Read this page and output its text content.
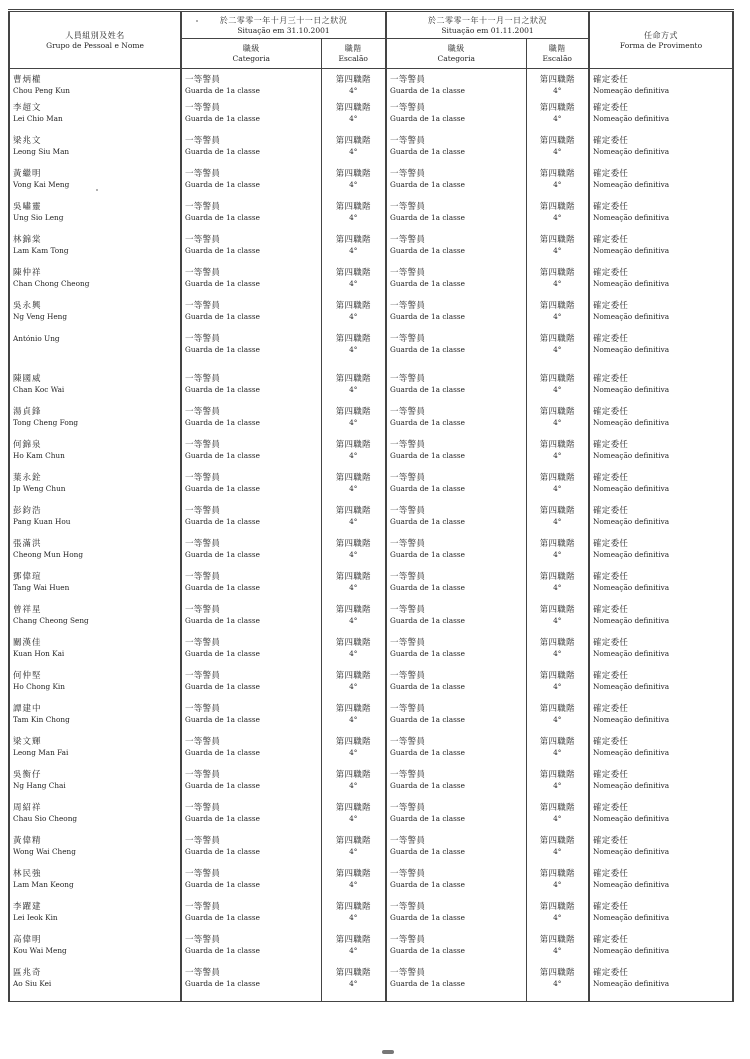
人員組別及姓名
Grupo de Pessoal e Nome	於二零零一年十月三十一日之狀況
Situação em 31.10.2001		於二零零一年十一月一日之狀況
Situação em 01.11.2001		任命方式
Forma de Provimento

	職級
Categoria	職階
Escalão	職級
Categoria	職階
Escalão	

曹炳權
Chou Peng Kun	一等警員
Guarda de 1a classe	第四職階
4°	一等警員
Guarda de 1a classe	第四職階
4°	確定委任
Nomeação definitiva

李超文
Lei Chio Man	一等警員
Guarda de 1a classe	第四職階
4°	一等警員
Guarda de 1a classe	第四職階
4°	確定委任
Nomeação definitiva

梁兆文
Leong Siu Man	一等警員
Guarda de 1a classe	第四職階
4°	一等警員
Guarda de 1a classe	第四職階
4°	確定委任
Nomeação definitiva

黃繼明
Vong Kai Meng	一等警員
Guarda de 1a classe	第四職階
4°	一等警員
Guarda de 1a classe	第四職階
4°	確定委任
Nomeação definitiva

吳嘯靈
Ung Sio Leng	一等警員
Guarda de 1a classe	第四職階
4°	一等警員
Guarda de 1a classe	第四職階
4°	確定委任
Nomeação definitiva

林錦棠
Lam Kam Tong	一等警員
Guarda de 1a classe	第四職階
4°	一等警員
Guarda de 1a classe	第四職階
4°	確定委任
Nomeação definitiva

陳仲祥
Chan Chong Cheong	一等警員
Guarda de 1a classe	第四職階
4°	一等警員
Guarda de 1a classe	第四職階
4°	確定委任
Nomeação definitiva

吳永興
Ng Veng Heng	一等警員
Guarda de 1a classe	第四職階
4°	一等警員
Guarda de 1a classe	第四職階
4°	確定委任
Nomeação definitiva

António Ung	一等警員
Guarda de 1a classe	第四職階
4°	一等警員
Guarda de 1a classe	第四職階
4°	確定委任
Nomeação definitiva

陳國威
Chan Koc Wai	一等警員
Guarda de 1a classe	第四職階
4°	一等警員
Guarda de 1a classe	第四職階
4°	確定委任
Nomeação definitiva

湯貞鋒
Tong Cheng Fong	一等警員
Guarda de 1a classe	第四職階
4°	一等警員
Guarda de 1a classe	第四職階
4°	確定委任
Nomeação definitiva

何錦泉
Ho Kam Chun	一等警員
Guarda de 1a classe	第四職階
4°	一等警員
Guarda de 1a classe	第四職階
4°	確定委任
Nomeação definitiva

葉永銓
Ip Weng Chun	一等警員
Guarda de 1a classe	第四職階
4°	一等警員
Guarda de 1a classe	第四職階
4°	確定委任
Nomeação definitiva

彭鈞浩
Pang Kuan Hou	一等警員
Guarda de 1a classe	第四職階
4°	一等警員
Guarda de 1a classe	第四職階
4°	確定委任
Nomeação definitiva

張滿洪
Cheong Mun Hong	一等警員
Guarda de 1a classe	第四職階
4°	一等警員
Guarda de 1a classe	第四職階
4°	確定委任
Nomeação definitiva

鄧偉瑄
Tang Wai Huen	一等警員
Guarda de 1a classe	第四職階
4°	一等警員
Guarda de 1a classe	第四職階
4°	確定委任
Nomeação definitiva

曾祥星
Chang Cheong Seng	一等警員
Guarda de 1a classe	第四職階
4°	一等警員
Guarda de 1a classe	第四職階
4°	確定委任
Nomeação definitiva

關漢佳
Kuan Hon Kai	一等警員
Guarda de 1a classe	第四職階
4°	一等警員
Guarda de 1a classe	第四職階
4°	確定委任
Nomeação definitiva

何仲堅
Ho Chong Kin	一等警員
Guarda de 1a classe	第四職階
4°	一等警員
Guarda de 1a classe	第四職階
4°	確定委任
Nomeação definitiva

譚建中
Tam Kin Chong	一等警員
Guarda de 1a classe	第四職階
4°	一等警員
Guarda de 1a classe	第四職階
4°	確定委任
Nomeação definitiva

梁文輝
Leong Man Fai	一等警員
Guarda de 1a classe	第四職階
4°	一等警員
Guarda de 1a classe	第四職階
4°	確定委任
Nomeação definitiva

吳衡仔
Ng Hang Chai	一等警員
Guarda de 1a classe	第四職階
4°	一等警員
Guarda de 1a classe	第四職階
4°	確定委任
Nomeação definitiva

周紹祥
Chau Sio Cheong	一等警員
Guarda de 1a classe	第四職階
4°	一等警員
Guarda de 1a classe	第四職階
4°	確定委任
Nomeação definitiva

黃偉精
Wong Wai Cheng	一等警員
Guarda de 1a classe	第四職階
4°	一等警員
Guarda de 1a classe	第四職階
4°	確定委任
Nomeação definitiva

林民強
Lam Man Keong	一等警員
Guarda de 1a classe	第四職階
4°	一等警員
Guarda de 1a classe	第四職階
4°	確定委任
Nomeação definitiva

李躍建
Lei Ieok Kin	一等警員
Guarda de 1a classe	第四職階
4°	一等警員
Guarda de 1a classe	第四職階
4°	確定委任
Nomeação definitiva

高偉明
Kou Wai Meng	一等警員
Guarda de 1a classe	第四職階
4°	一等警員
Guarda de 1a classe	第四職階
4°	確定委任
Nomeação definitiva

區兆奇
Ao Siu Kei	一等警員
Guarda de 1a classe	第四職階
4°	一等警員
Guarda de 1a classe	第四職階
4°	確定委任
Nomeação definitiva
